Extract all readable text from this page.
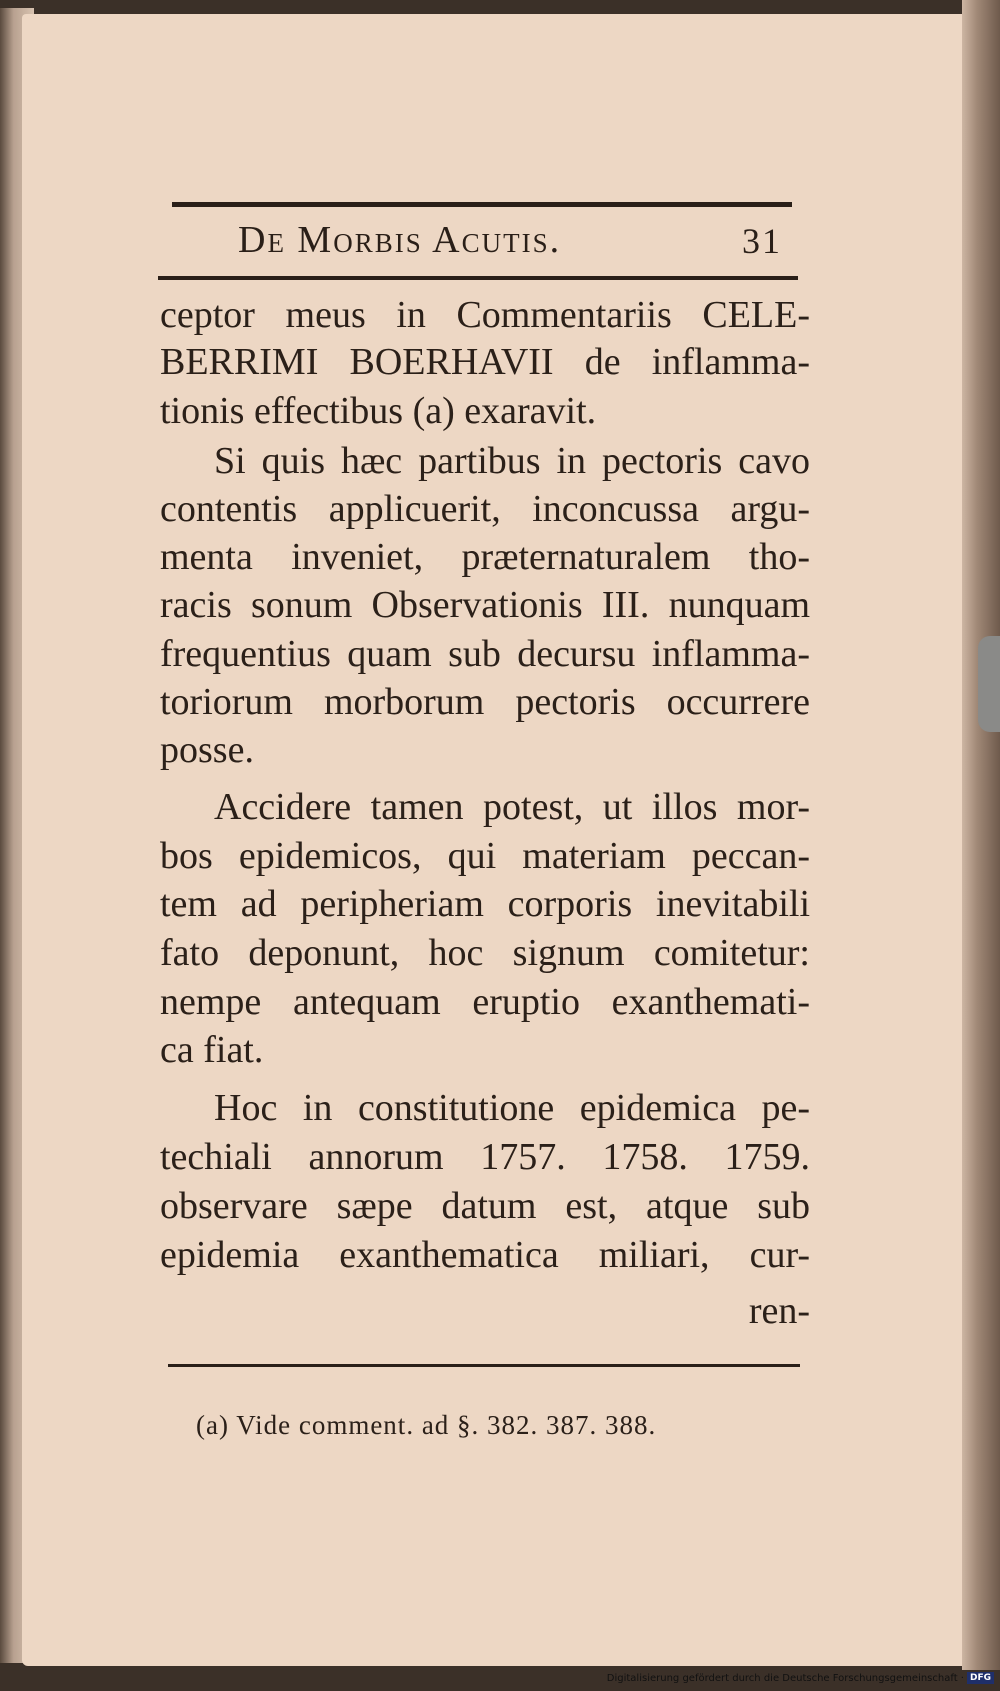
De Morbis Acutis.	31
ceptor meus in Commentariis CELE-
BERRIMI BOERHAVII de inflamma-
tionis effectibus (a) exaravit.
Si quis hæc partibus in pectoris cavo
contentis applicuerit, inconcussa argu-
menta inveniet, præternaturalem tho-
racis sonum Observationis III. nunquam
frequentius quam sub decursu inflamma-
toriorum morborum pectoris occurrere
posse.
Accidere tamen potest, ut illos mor-
bos epidemicos, qui materiam peccan-
tem ad peripheriam corporis inevitabili
fato deponunt, hoc signum comitetur:
nempe antequam eruptio exanthemati-
ca fiat.
Hoc in constitutione epidemica pe-
techiali annorum 1757. 1758. 1759.
observare sæpe datum est, atque sub
epidemia exanthematica miliari, cur-
ren-
(a) Vide comment. ad §. 382. 387. 388.
Digitalisierung gefördert durch die Deutsche Forschungsgemeinschaft · DFG
